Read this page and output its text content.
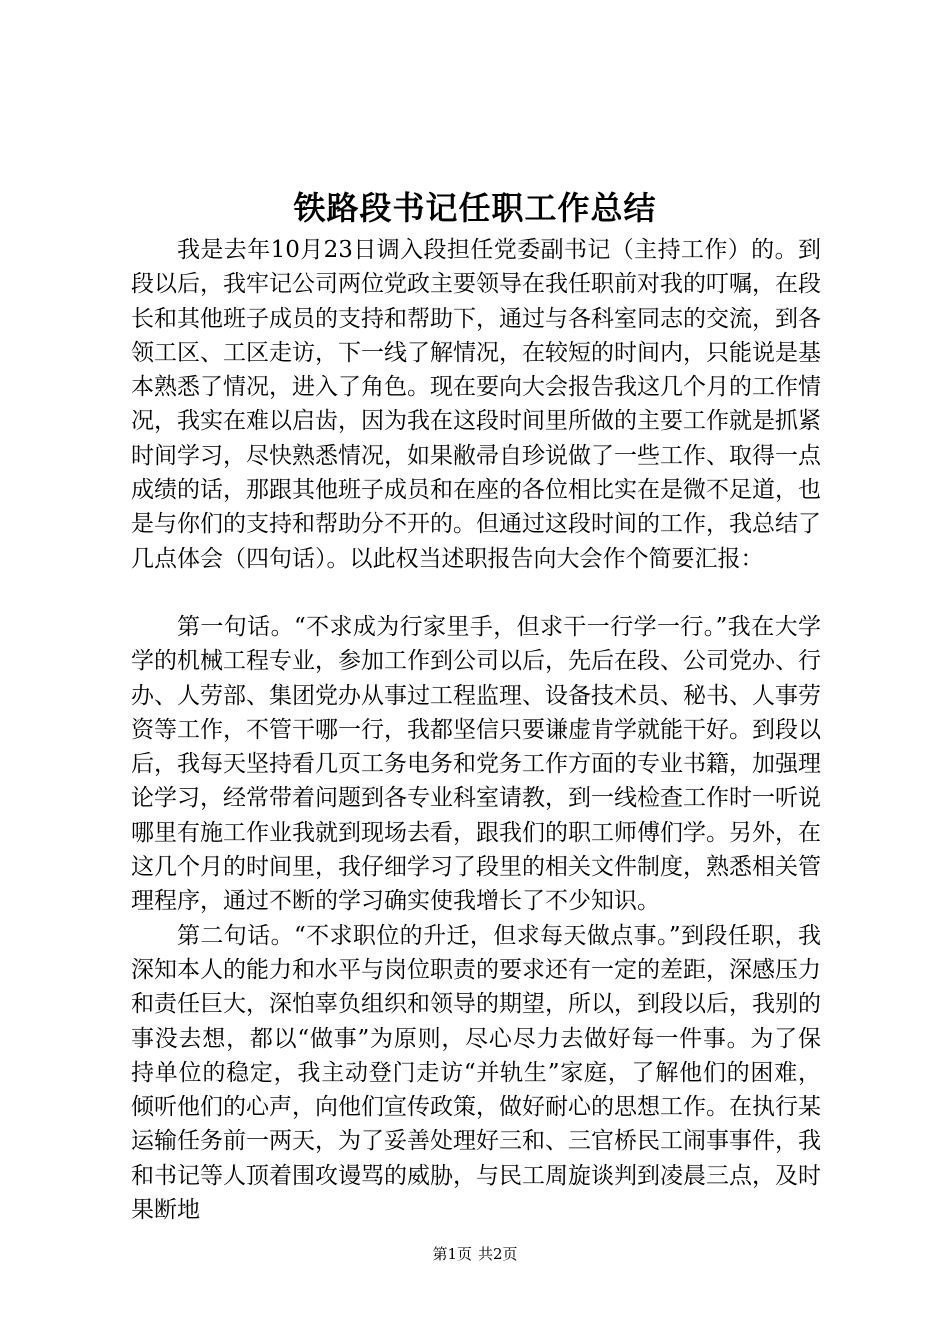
铁路段书记任职工作总结

我是去年10月23日调入段担任党委副书记（主持工作）的。到段以后，我牢记公司两位党政主要领导在我任职前对我的叮嘱，在段长和其他班子成员的支持和帮助下，通过与各科室同志的交流，到各领工区、工区走访，下一线了解情况，在较短的时间内，只能说是基本熟悉了情况，进入了角色。现在要向大会报告我这几个月的工作情况，我实在难以启齿，因为我在这段时间里所做的主要工作就是抓紧时间学习，尽快熟悉情况，如果敝帚自珍说做了一些工作、取得一点成绩的话，那跟其他班子成员和在座的各位相比实在是微不足道，也是与你们的支持和帮助分不开的。但通过这段时间的工作，我总结了几点体会（四句话）。以此权当述职报告向大会作个简要汇报：

第一句话。“不求成为行家里手，但求干一行学一行。”我在大学学的机械工程专业，参加工作到公司以后，先后在段、公司党办、行办、人劳部、集团党办从事过工程监理、设备技术员、秘书、人事劳资等工作，不管干哪一行，我都坚信只要谦虚肯学就能干好。到段以后，我每天坚持看几页工务电务和党务工作方面的专业书籍，加强理论学习，经常带着问题到各专业科室请教，到一线检查工作时一听说哪里有施工作业我就到现场去看，跟我们的职工师傅们学。另外，在这几个月的时间里，我仔细学习了段里的相关文件制度，熟悉相关管理程序，通过不断的学习确实使我增长了不少知识。

第二句话。“不求职位的升迁，但求每天做点事。”到段任职，我深知本人的能力和水平与岗位职责的要求还有一定的差距，深感压力和责任巨大，深怕辜负组织和领导的期望，所以，到段以后，我别的事没去想，都以“做事”为原则，尽心尽力去做好每一件事。为了保持单位的稳定，我主动登门走访“并轨生”家庭，了解他们的困难，倾听他们的心声，向他们宣传政策，做好耐心的思想工作。在执行某运输任务前一两天，为了妥善处理好三和、三官桥民工闹事事件，我和书记等人顶着围攻谩骂的威胁，与民工周旋谈判到凌晨三点，及时果断地

第1页 共2页
